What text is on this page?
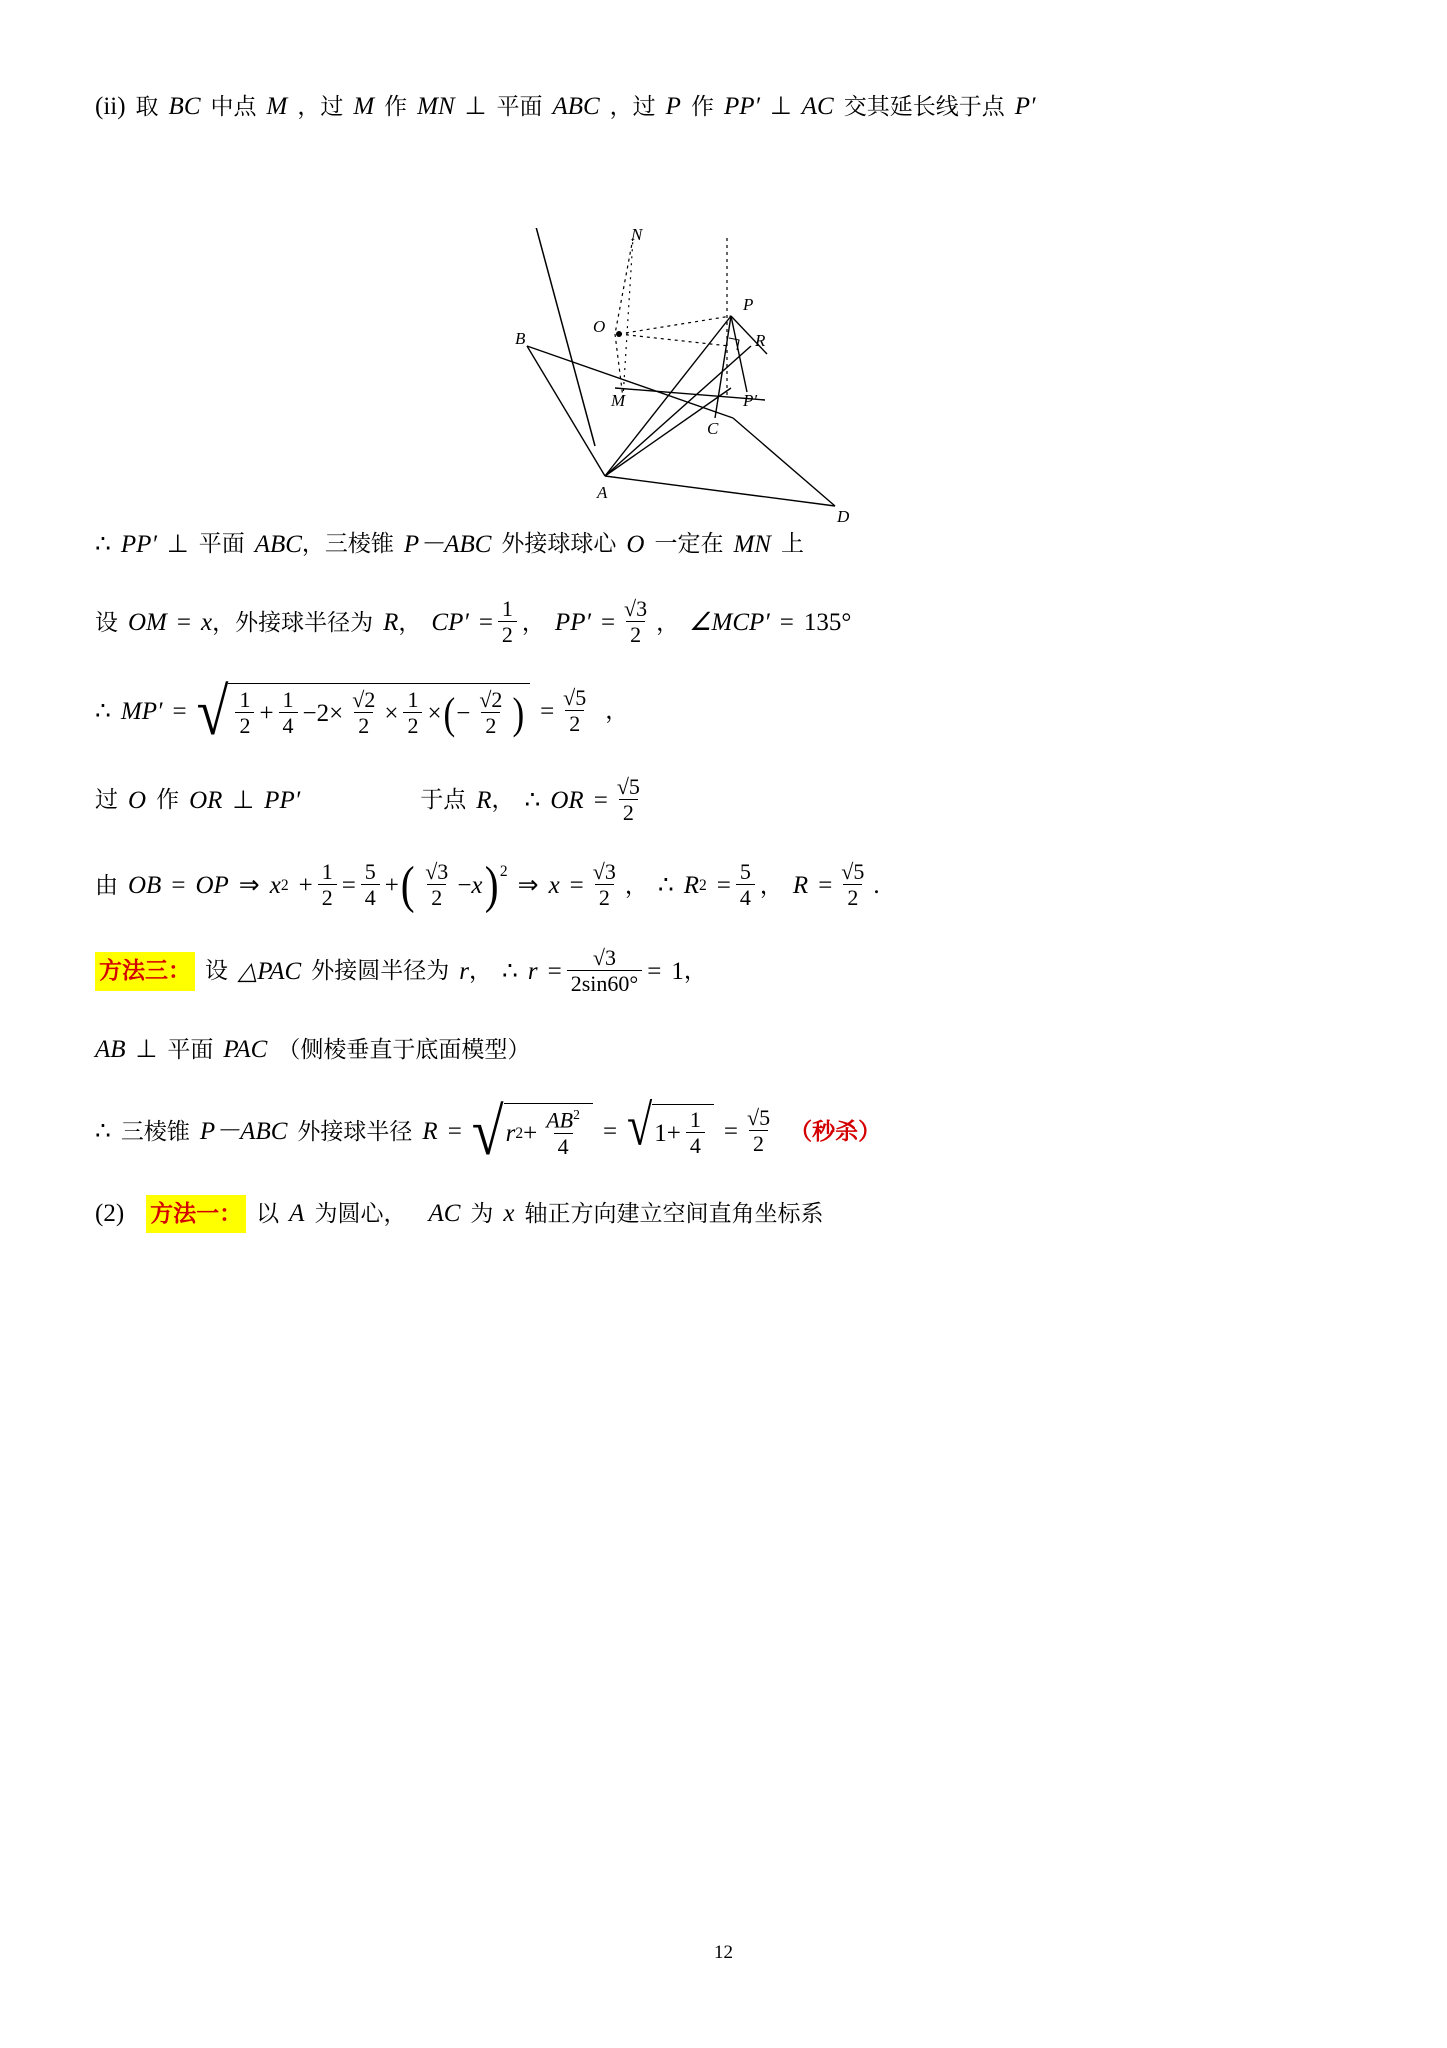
(ii) 取 BC 中点 M ，过 M 作 MN ⊥ 平面 ABC ，过 P 作 PP′ ⊥ AC 交其延长线于点 P′
N
P
O
R
B
M	P′
C
A
D
∴ PP′ ⊥ 平面 ABC ， 三棱锥 P－ABC 外接球球心 O 一定在 MN 上
设 OM = x ， 外接球半径为 R ， $CP' = \frac{1}{2}$ ， $PP' = \frac{√3}{2}$ ， ∠MCP′ = 135°
∴ MP′ = √ $\frac{1}{2} + \frac{1}{4} - 2 \times \frac{√2}{2} \times \frac{1}{2}$ × ( − $\frac{√2}{2}$ ) = $\frac{√5}{2}$ ，
过 O 作 OR ⊥ PP′	于点 R ， ∴ OR = $\frac{√5}{2}$
由 OB = OP ⇒ x $2 + \frac{1}{2} = \frac{5}{4}$ + ( $\frac{√3}{2} - x$ )$^2$
⇒ $x = \frac{√3}{2}$ ， ∴ R $2 = \frac{5}{4}$ ， $R = \frac{√5}{2}$ .
方法三： 设 △PAC 外接圆半径为 r ， ∴ $r = \frac{√3}{2\sin 60^\circ} = 1$ ，
AB ⊥ 平面 PAC （侧棱垂直于底面模型）
∴ 三棱锥 P－ABC 外接球半径 R = √ r $2 + \frac{AB^2}{4}$ = √ $1 + \frac{1}{4} = \frac{√5}{2}$ （ 秒杀 ）
(2) 方法一： 以 A 为圆心， AC 为 x 轴正方向建立空间直角坐标系
12
